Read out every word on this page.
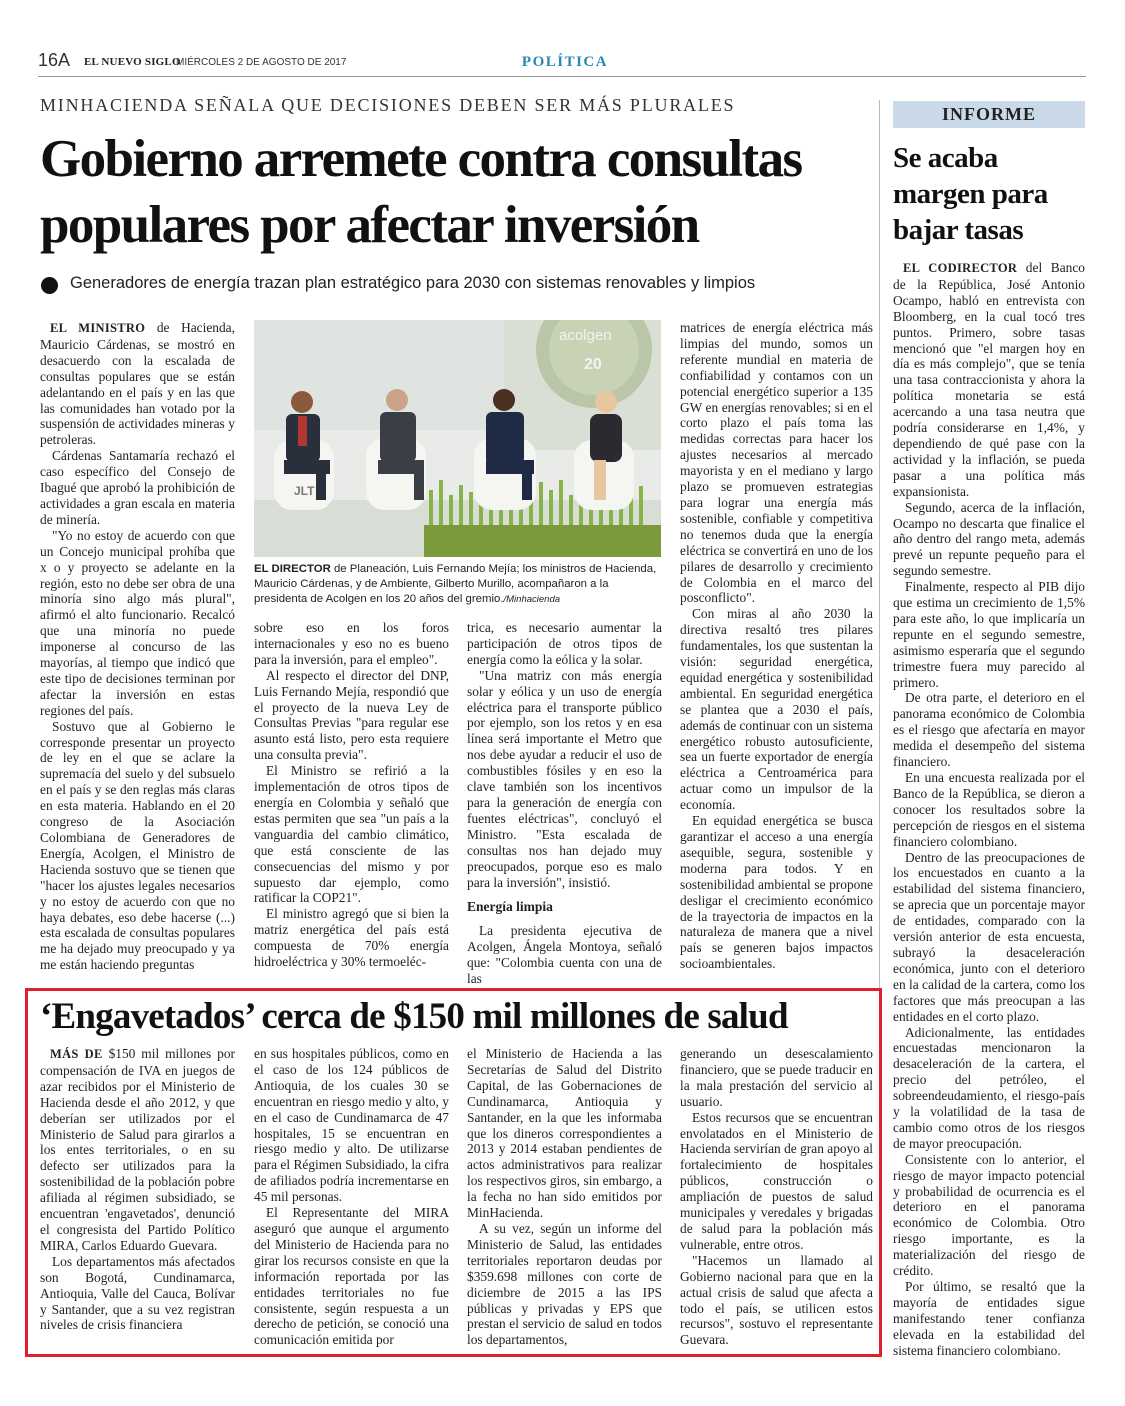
16A EL NUEVO SIGLO
MIÉRCOLES 2 DE AGOSTO DE 2017	POLÍTICA
MINHACIENDA SEÑALA QUE DECISIONES DEBEN SER MÁS PLURALES
Gobierno arremete contra consultas populares por afectar inversión
Generadores de energía trazan plan estratégico para 2030 con sistemas renovables y limpios

EL MINISTRO de Hacienda, Mauricio Cárdenas, se mostró en desacuerdo con la escalada de consultas populares que se están adelantando en el país y en las que las comunidades han votado por la suspensión de actividades mineras y petroleras.

Cárdenas Santamaría rechazó el caso específico del Consejo de Ibagué que aprobó la prohibición de actividades a gran escala en materia de minería.

"Yo no estoy de acuerdo con que un Concejo municipal prohíba que x o y proyecto se adelante en la región, esto no debe ser obra de una minoría sino algo más plural", afirmó el alto funcionario. Recalcó que una minoría no puede imponerse al concurso de las mayorías, al tiempo que indicó que este tipo de decisiones terminan por afectar la inversión en estas regiones del país.

Sostuvo que al Gobierno le corresponde presentar un proyecto de ley en el que se aclare la supremacía del suelo y del subsuelo en el país y se den reglas más claras en esta materia. Hablando en el 20 congreso de la Asociación Colombiana de Generadores de Energía, Acolgen, el Ministro de Hacienda sostuvo que se tienen que "hacer los ajustes legales necesarios y no estoy de acuerdo con que no haya debates, eso debe hacerse (...) esta escalada de consultas populares me ha dejado muy preocupado y ya me están haciendo preguntas

acolgen
20
JLT
EL DIRECTOR de Planeación, Luis Fernando Mejía; los ministros de Hacienda, Mauricio Cárdenas, y de Ambiente, Gilberto Murillo, acompañaron a la presidenta de Acolgen en los 20 años del gremio./Minhacienda

sobre eso en los foros internacionales y eso no es bueno para la inversión, para el empleo".

Al respecto el director del DNP, Luis Fernando Mejía, respondió que el proyecto de la nueva Ley de Consultas Previas "para regular ese asunto está listo, pero esta requiere una consulta previa".

El Ministro se refirió a la implementación de otros tipos de energía en Colombia y señaló que estas permiten que sea "un país a la vanguardia del cambio climático, que está consciente de las consecuencias del mismo y por supuesto dar ejemplo, como ratificar la COP21".

El ministro agregó que si bien la matriz energética del país está compuesta de 70% energía hidroeléctrica y 30% termoeléc-

trica, es necesario aumentar la participación de otros tipos de energía como la eólica y la solar.

"Una matriz con más energía solar y eólica y un uso de energía eléctrica para el transporte público por ejemplo, son los retos y en esa línea será importante el Metro que nos debe ayudar a reducir el uso de combustibles fósiles y en eso la clave también son los incentivos para la generación de energía con fuentes eléctricas", concluyó el Ministro. "Esta escalada de consultas nos han dejado muy preocupados, porque eso es malo para la inversión", insistió.

Energía limpia

La presidenta ejecutiva de Acolgen, Ángela Montoya, señaló que: "Colombia cuenta con una de las

matrices de energía eléctrica más limpias del mundo, somos un referente mundial en materia de confiabilidad y contamos con un potencial energético superior a 135 GW en energías renovables; si en el corto plazo el país toma las medidas correctas para hacer los ajustes necesarios al mercado mayorista y en el mediano y largo plazo se promueven estrategias para lograr una energía más sostenible, confiable y competitiva no tenemos duda que la energía eléctrica se convertirá en uno de los pilares de desarrollo y crecimiento de Colombia en el marco del posconflicto".

Con miras al año 2030 la directiva resaltó tres pilares fundamentales, los que sustentan la visión: seguridad energética, equidad energética y sostenibilidad ambiental. En seguridad energética se plantea que a 2030 el país, además de continuar con un sistema energético robusto autosuficiente, sea un fuerte exportador de energía eléctrica a Centroamérica para actuar como un impulsor de la economía.

En equidad energética se busca garantizar el acceso a una energía asequible, segura, sostenible y moderna para todos. Y en sostenibilidad ambiental se propone desligar el crecimiento económico de la trayectoria de impactos en la naturaleza de manera que a nivel país se generen bajos impactos socioambientales.

INFORME
Se acaba margen para bajar tasas

EL CODIRECTOR del Banco de la República, José Antonio Ocampo, habló en entrevista con Bloomberg, en la cual tocó tres puntos. Primero, sobre tasas mencionó que "el margen hoy en día es más complejo", que se tenía una tasa contraccionista y ahora la política monetaria se está acercando a una tasa neutra que podría considerarse en 1,4%, y dependiendo de qué pase con la actividad y la inflación, se pueda pasar a una política más expansionista.

Segundo, acerca de la inflación, Ocampo no descarta que finalice el año dentro del rango meta, además prevé un repunte pequeño para el segundo semestre.

Finalmente, respecto al PIB dijo que estima un crecimiento de 1,5% para este año, lo que implicaría un repunte en el segundo semestre, asimismo esperaría que el segundo trimestre fuera muy parecido al primero.

De otra parte, el deterioro en el panorama económico de Colombia es el riesgo que afectaría en mayor medida el desempeño del sistema financiero.

En una encuesta realizada por el Banco de la República, se dieron a conocer los resultados sobre la percepción de riesgos en el sistema financiero colombiano.

Dentro de las preocupaciones de los encuestados en cuanto a la estabilidad del sistema financiero, se aprecia que un porcentaje mayor de entidades, comparado con la versión anterior de esta encuesta, subrayó la desaceleración económica, junto con el deterioro en la calidad de la cartera, como los factores que más preocupan a las entidades en el corto plazo.

Adicionalmente, las entidades encuestadas mencionaron la desaceleración de la cartera, el precio del petróleo, el sobreendeudamiento, el riesgo-país y la volatilidad de la tasa de cambio como otros de los riesgos de mayor preocupación.

Consistente con lo anterior, el riesgo de mayor impacto potencial y probabilidad de ocurrencia es el deterioro en el panorama económico de Colombia. Otro riesgo importante, es la materialización del riesgo de crédito.

Por último, se resaltó que la mayoría de entidades sigue manifestando tener confianza elevada en la estabilidad del sistema financiero colombiano.

‘Engavetados’ cerca de $150 mil millones de salud

MÁS DE $150 mil millones por compensación de IVA en juegos de azar recibidos por el Ministerio de Hacienda desde el año 2012, y que deberían ser utilizados por el Ministerio de Salud para girarlos a los entes territoriales, o en su defecto ser utilizados para la sostenibilidad de la población pobre afiliada al régimen subsidiado, se encuentran 'engavetados', denunció el congresista del Partido Político MIRA, Carlos Eduardo Guevara.

Los departamentos más afectados son Bogotá, Cundinamarca, Antioquia, Valle del Cauca, Bolívar y Santander, que a su vez registran niveles de crisis financiera

en sus hospitales públicos, como en el caso de los 124 públicos de Antioquia, de los cuales 30 se encuentran en riesgo medio y alto, y en el caso de Cundinamarca de 47 hospitales, 15 se encuentran en riesgo medio y alto. De utilizarse para el Régimen Subsidiado, la cifra de afiliados podría incrementarse en 45 mil personas.

El Representante del MIRA aseguró que aunque el argumento del Ministerio de Hacienda para no girar los recursos consiste en que la información reportada por las entidades territoriales no fue consistente, según respuesta a un derecho de petición, se conoció una comunicación emitida por

el Ministerio de Hacienda a las Secretarías de Salud del Distrito Capital, de las Gobernaciones de Cundinamarca, Antioquia y Santander, en la que les informaba que los dineros correspondientes a 2013 y 2014 estaban pendientes de actos administrativos para realizar los respectivos giros, sin embargo, a la fecha no han sido emitidos por MinHacienda.

A su vez, según un informe del Ministerio de Salud, las entidades territoriales reportaron deudas por $359.698 millones con corte de diciembre de 2015 a las IPS públicas y privadas y EPS que prestan el servicio de salud en todos los departamentos,

generando un desescalamiento financiero, que se puede traducir en la mala prestación del servicio al usuario.

Estos recursos que se encuentran envolatados en el Ministerio de Hacienda servirían de gran apoyo al fortalecimiento de hospitales públicos, construcción o ampliación de puestos de salud municipales y veredales y brigadas de salud para la población más vulnerable, entre otros.

"Hacemos un llamado al Gobierno nacional para que en la actual crisis de salud que afecta a todo el país, se utilicen estos recursos", sostuvo el representante Guevara.
